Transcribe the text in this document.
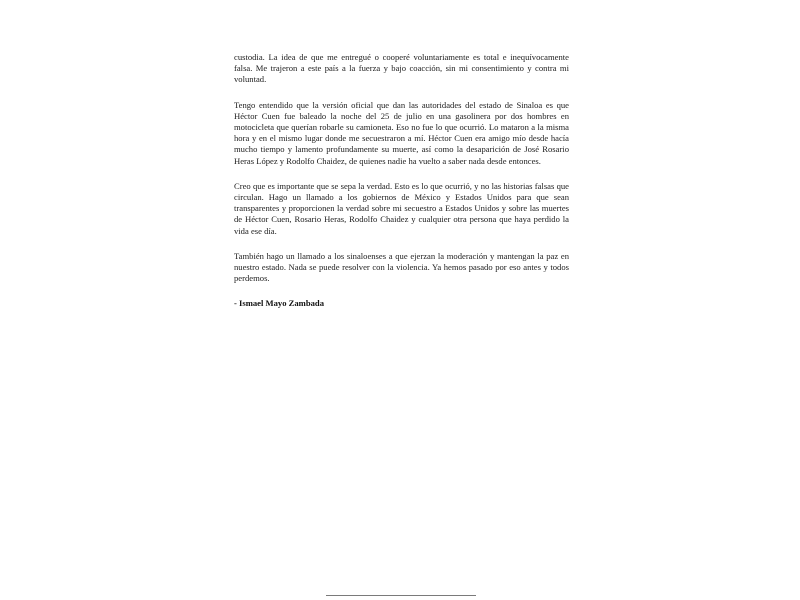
custodia. La idea de que me entregué o cooperé voluntariamente es total e inequívocamente falsa. Me trajeron a este país a la fuerza y bajo coacción, sin mi consentimiento y contra mi voluntad.

Tengo entendido que la versión oficial que dan las autoridades del estado de Sinaloa es que Héctor Cuen fue baleado la noche del 25 de julio en una gasolinera por dos hombres en motocicleta que querían robarle su camioneta. Eso no fue lo que ocurrió. Lo mataron a la misma hora y en el mismo lugar donde me secuestraron a mí. Héctor Cuen era amigo mío desde hacía mucho tiempo y lamento profundamente su muerte, así como la desaparición de José Rosario Heras López y Rodolfo Chaidez, de quienes nadie ha vuelto a saber nada desde entonces.

Creo que es importante que se sepa la verdad. Esto es lo que ocurrió, y no las historias falsas que circulan. Hago un llamado a los gobiernos de México y Estados Unidos para que sean transparentes y proporcionen la verdad sobre mi secuestro a Estados Unidos y sobre las muertes de Héctor Cuen, Rosario Heras, Rodolfo Chaidez y cualquier otra persona que haya perdido la vida ese día.

También hago un llamado a los sinaloenses a que ejerzan la moderación y mantengan la paz en nuestro estado. Nada se puede resolver con la violencia. Ya hemos pasado por eso antes y todos perdemos.

- Ismael Mayo Zambada
